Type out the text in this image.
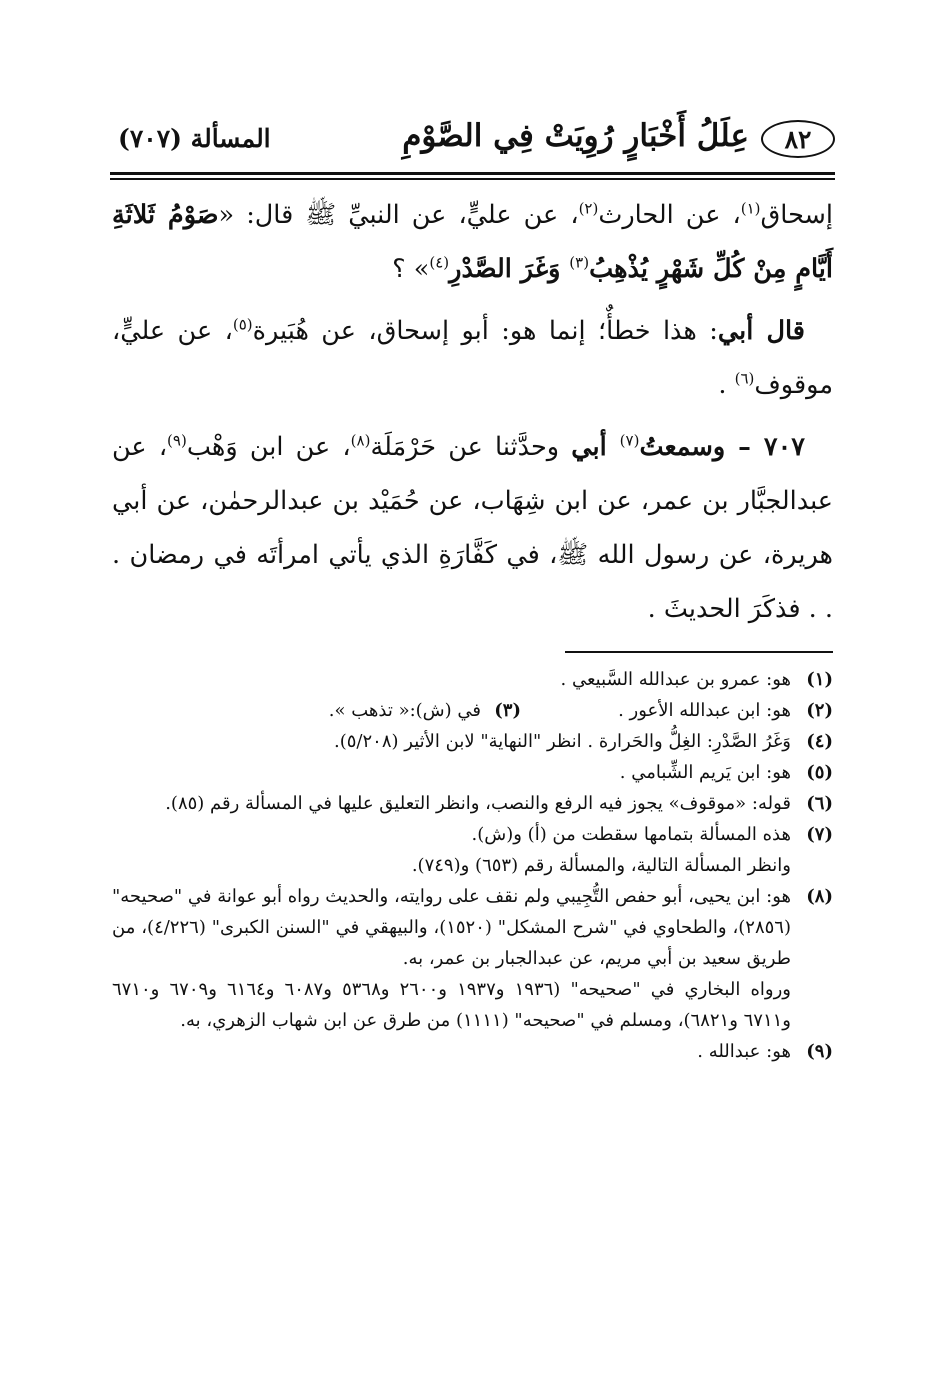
٨٢
عِلَلُ أَخْبَارٍ رُوِيَتْ فِي الصَّوْمِ
المسألة (٧٠٧)

إسحاق$^{(١)}$، عن الحارث$^{(٢)}$، عن عليٍّ، عن النبيِّ ﷺ قال: «صَوْمُ ثَلاثَةِ أَيَّامٍ مِنْ كُلِّ شَهْرٍ يُذْهِبُ$^{(٣)}$ وَغَرَ الصَّدْرِ$^{(٤)}$» ؟

قال أبي: هذا خطأٌ؛ إنما هو: أبو إسحاق، عن هُبَيرة$^{(٥)}$، عن عليٍّ، موقوف$^{(٦)}$ .

٧٠٧ – وسمعتُ$^{(٧)}$ أبي وحدَّثنا عن حَرْمَلَة$^{(٨)}$، عن ابن وَهْب$^{(٩)}$، عن عبدالجبَّار بن عمر، عن ابن شِهَاب، عن حُمَيْد بن عبدالرحمٰن، عن أبي هريرة، عن رسول الله ﷺ، في كَفَّارَةِ الذي يأتي امرأتَه في رمضان . . . فذكَرَ الحديثَ .

(١)
هو: عمرو بن عبدالله السَّبيعي .
(٢)
هو: ابن عبدالله الأعور .
(٣)
في (ش):« تذهب ».
(٤)
وَغَرُ الصَّدْرِ: الغِلُّ والحَرارة . انظر "النهاية" لابن الأثير (٥/٢٠٨).
(٥)
هو: ابن يَريم الشِّبامي .
(٦)
قوله: «موقوف» يجوز فيه الرفع والنصب، وانظر التعليق عليها في المسألة رقم (٨٥).
(٧)
هذه المسألة بتمامها سقطت من (أ) و(ش).
وانظر المسألة التالية، والمسألة رقم (٦٥٣) و(٧٤٩).
(٨)
هو: ابن يحيى، أبو حفص التُّجِيبي ولم نقف على روايته، والحديث رواه أبو عوانة في "صحيحه" (٢٨٥٦)، والطحاوي في "شرح المشكل" (١٥٢٠)، والبيهقي في "السنن الكبرى" (٤/٢٢٦)، من طريق سعيد بن أبي مريم، عن عبدالجبار بن عمر، به.
ورواه البخاري في "صحيحه" (١٩٣٦ و١٩٣٧ و٢٦٠٠ و٥٣٦٨ و٦٠٨٧ و٦١٦٤ و٦٧٠٩ و٦٧١٠ و٦٧١١ و٦٨٢١)، ومسلم في "صحيحه" (١١١١) من طرق عن ابن شهاب الزهري، به.
(٩)
هو: عبدالله .
